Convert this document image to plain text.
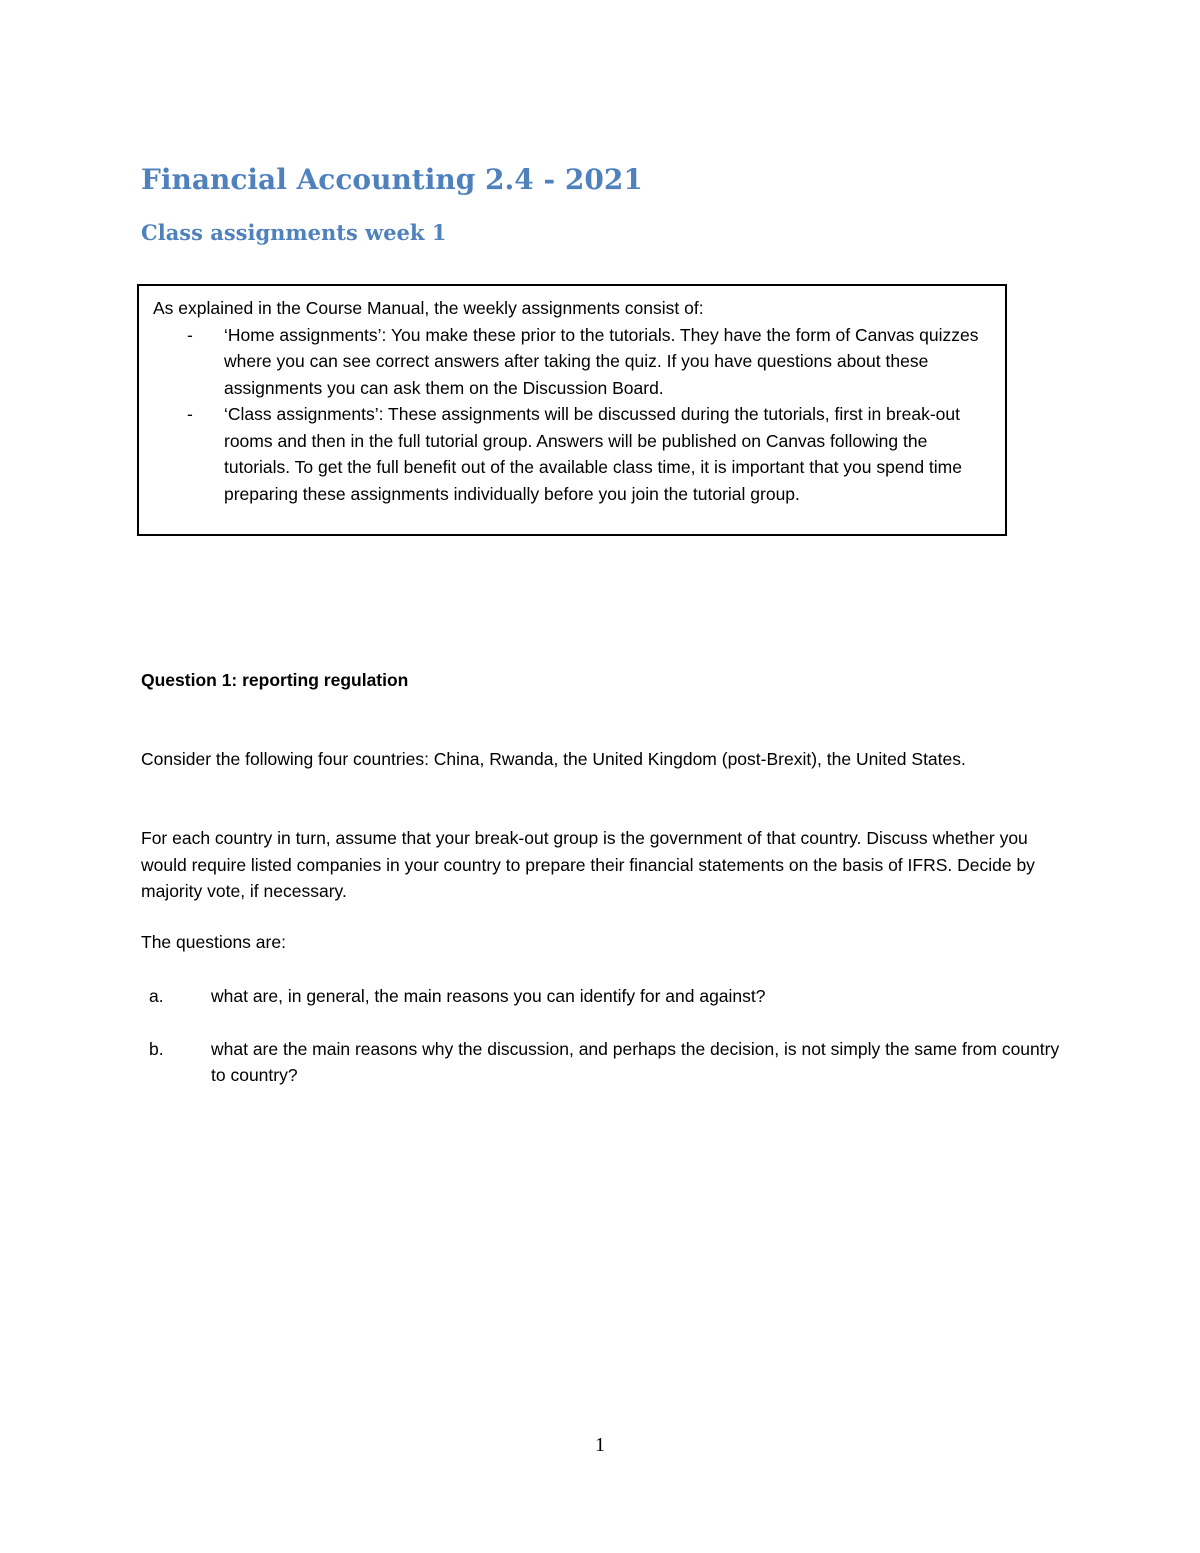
Financial Accounting 2.4 - 2021
Class assignments week 1

As explained in the Course Manual, the weekly assignments consist of:

- ‘Home assignments’: You make these prior to the tutorials. They have the form of Canvas quizzes where you can see correct answers after taking the quiz. If you have questions about these assignments you can ask them on the Discussion Board.
- ‘Class assignments’: These assignments will be discussed during the tutorials, first in break-out rooms and then in the full tutorial group. Answers will be published on Canvas following the tutorials. To get the full benefit out of the available class time, it is important that you spend time preparing these assignments individually before you join the tutorial group.

Question 1: reporting regulation

Consider the following four countries: China, Rwanda, the United Kingdom (post-Brexit), the United States.

For each country in turn, assume that your break-out group is the government of that country. Discuss whether you would require listed companies in your country to prepare their financial statements on the basis of IFRS. Decide by majority vote, if necessary.

The questions are:

a.	what are, in general, the main reasons you can identify for and against?
b.	what are the main reasons why the discussion, and perhaps the decision, is not simply the same from country to country?
1
